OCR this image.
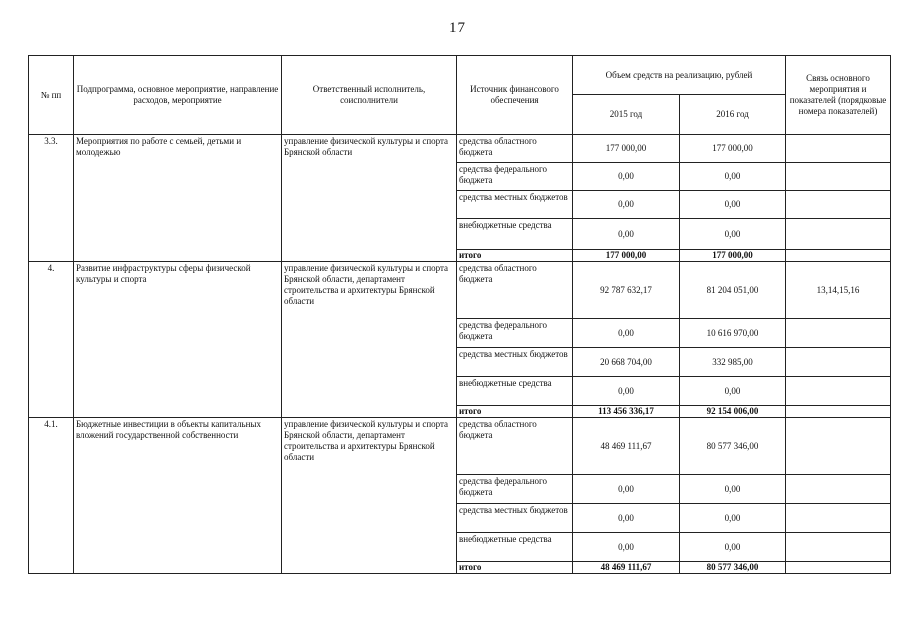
17
№ пп	Подпрограмма, основное мероприятие, направление расходов, мероприятие	Ответственный исполнитель, соисполнители	Источник финансового обеспечения	Объем средств на реализацию, рублей		Связь основного мероприятия и показателей (порядковые номера показателей)
				2015 год	2016 год	
3.3.	Мероприятия по работе с семьей, детьми и молодежью	управление физической культуры и спорта Брянской области	средства областного бюджета	177 000,00	177 000,00	
			средства федерального бюджета	0,00	0,00	
			средства местных бюджетов	0,00	0,00	
			внебюджетные средства	0,00	0,00	
			итого	177 000,00	177 000,00	
4.	Развитие инфраструктуры сферы физической культуры и спорта	управление физической культуры и спорта Брянской области, департамент строительства и архитектуры Брянской области	средства областного бюджета	92 787 632,17	81 204 051,00	13,14,15,16
			средства федерального бюджета	0,00	10 616 970,00	
			средства местных бюджетов	20 668 704,00	332 985,00	
			внебюджетные средства	0,00	0,00	
			итого	113 456 336,17	92 154 006,00	
4.1.	Бюджетные инвестиции в объекты капитальных вложений государственной собственности	управление физической культуры и спорта Брянской области, департамент строительства и архитектуры Брянской области	средства областного бюджета	48 469 111,67	80 577 346,00	
			средства федерального бюджета	0,00	0,00	
			средства местных бюджетов	0,00	0,00	
			внебюджетные средства	0,00	0,00	
			итого	48 469 111,67	80 577 346,00	
